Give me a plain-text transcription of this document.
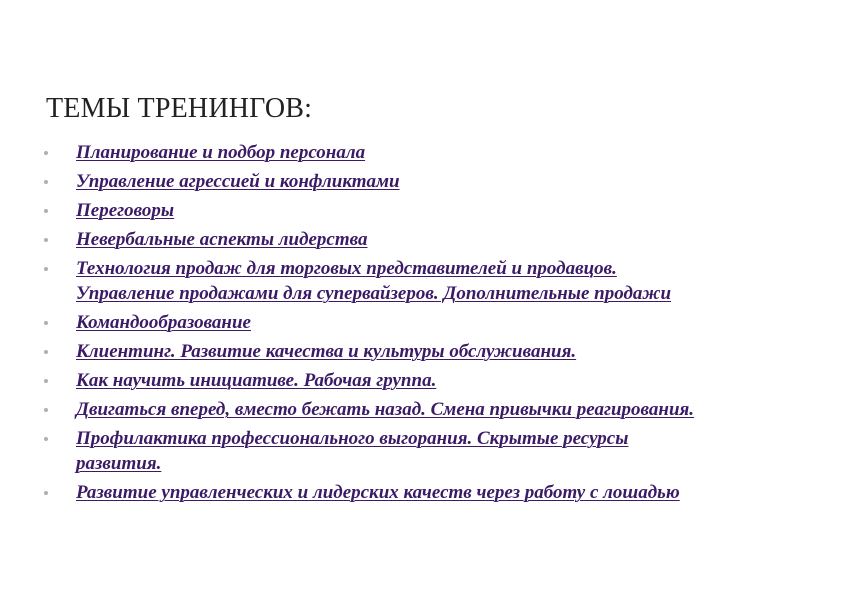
ТЕМЫ ТРЕНИНГОВ:
Планирование и подбор персонала
Управление агрессией и конфликтами
Переговоры
Невербальные аспекты лидерства
Технология продаж для торговых представителей и продавцов.
Управление продажами для супервайзеров. Дополнительные продажи
Командообразование
Клиентинг. Развитие качества и культуры обслуживания.
Как научить инициативе. Рабочая группа.
Двигаться вперед, вместо бежать назад. Смена привычки реагирования.
Профилактика профессионального выгорания. Скрытые ресурсы
развития.
Развитие управленческих и лидерских качеств через работу с лошадью
